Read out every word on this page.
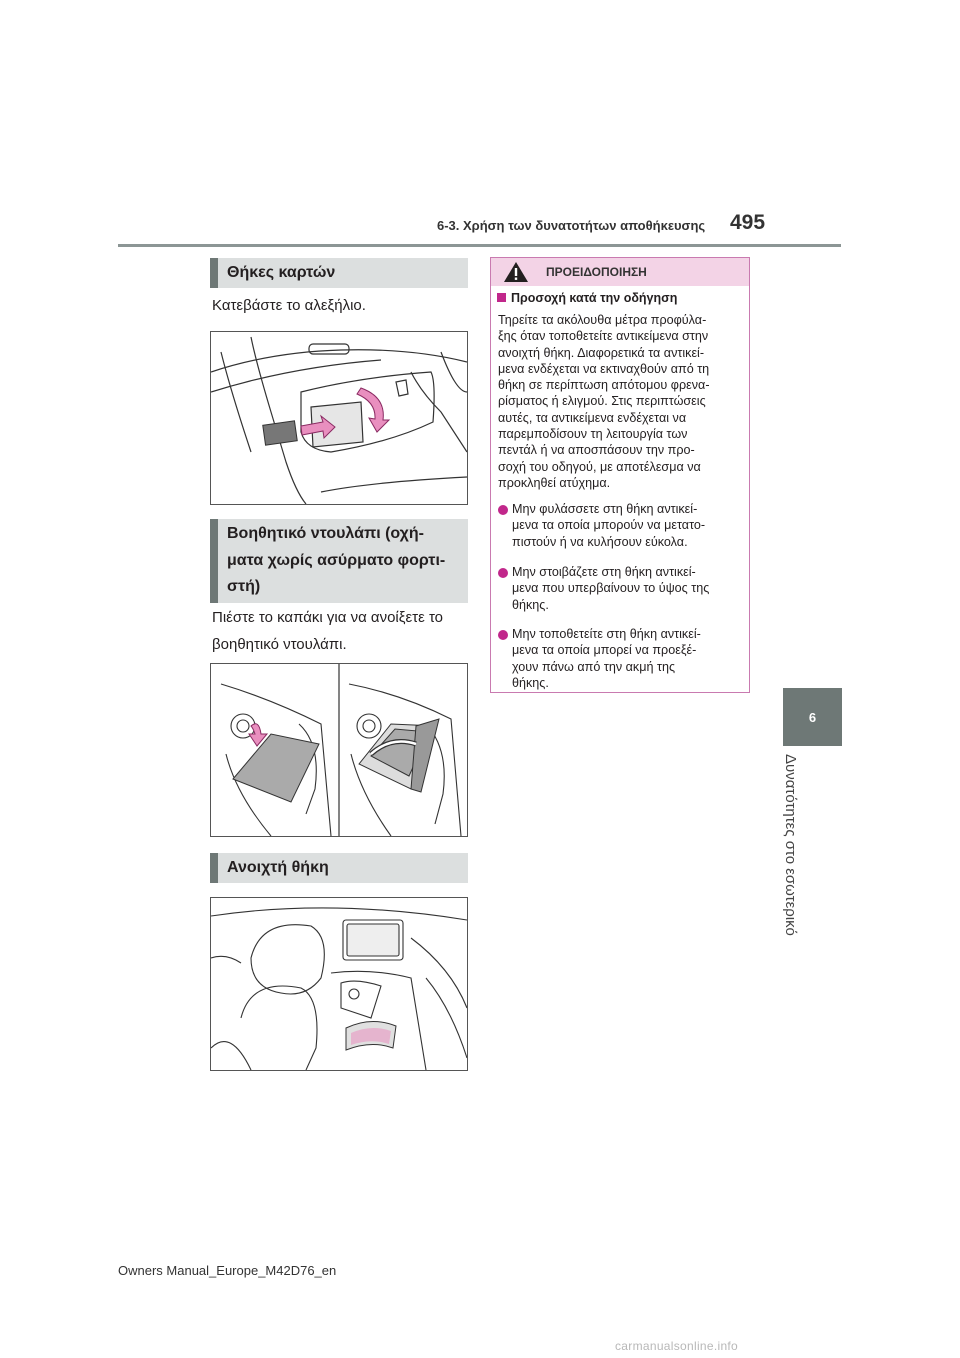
6-3. Χρήση των δυνατοτήτων αποθήκευσης 495
6
Δυνατότητες στο εσωτερικό
Θήκες καρτών
Κατεβάστε το αλεξήλιο.
Βοηθητικό ντουλάπι (οχή-
ματα χωρίς ασύρματο φορτι-
στή)
Πιέστε το καπάκι για να ανοίξετε το
βοηθητικό ντουλάπι.
Ανοιχτή θήκη
ΠΡΟΕΙΔΟΠΟΙΗΣΗ
Προσοχή κατά την οδήγηση
Τηρείτε τα ακόλουθα μέτρα προφύλα-
ξης όταν τοποθετείτε αντικείμενα στην
ανοιχτή θήκη. Διαφορετικά τα αντικεί-
μενα ενδέχεται να εκτιναχθούν από τη
θήκη σε περίπτωση απότομου φρενα-
ρίσματος ή ελιγμού. Στις περιπτώσεις
αυτές, τα αντικείμενα ενδέχεται να
παρεμποδίσουν τη λειτουργία των
πεντάλ ή να αποσπάσουν την προ-
σοχή του οδηγού, με αποτέλεσμα να
προκληθεί ατύχημα.
Μην φυλάσσετε στη θήκη αντικεί-
μενα τα οποία μπορούν να μετατο-
πιστούν ή να κυλήσουν εύκολα.
Μην στοιβάζετε στη θήκη αντικεί-
μενα που υπερβαίνουν το ύψος της
θήκης.
Μην τοποθετείτε στη θήκη αντικεί-
μενα τα οποία μπορεί να προεξέ-
χουν πάνω από την ακμή της
θήκης.
Owners Manual_Europe_M42D76_en
carmanualsonline.info
